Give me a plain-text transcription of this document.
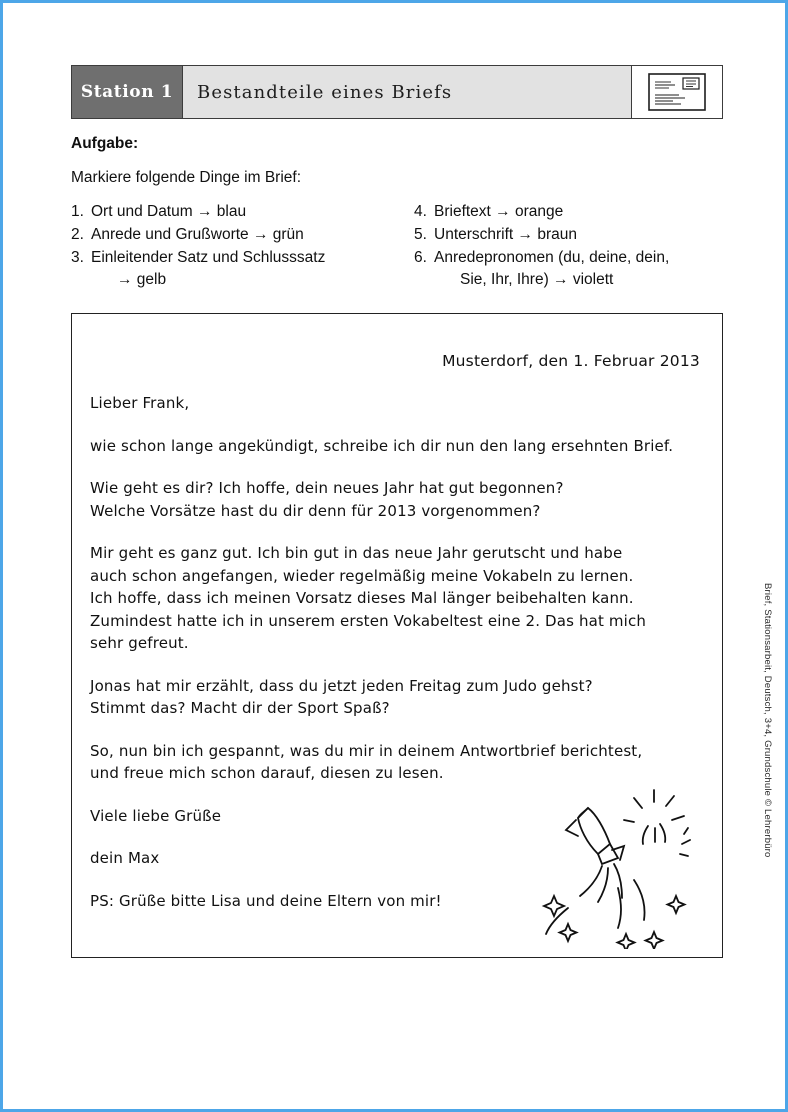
Station 1 Bestandteile eines Briefs
Aufgabe:
Markiere folgende Dinge im Brief:
1. Ort und Datum → blau
2. Anrede und Grußworte → grün
3. Einleitender Satz und Schlusssatz
→ gelb
4. Brieftext → orange
5. Unterschrift → braun
6. Anredepronomen (du, deine, dein,
Sie, Ihr, Ihre) → violett
Musterdorf, den 1. Februar 2013

Lieber Frank,

wie schon lange angekündigt, schreibe ich dir nun den lang ersehnten Brief.

Wie geht es dir? Ich hoffe, dein neues Jahr hat gut begonnen?
Welche Vorsätze hast du dir denn für 2013 vorgenommen?

Mir geht es ganz gut. Ich bin gut in das neue Jahr gerutscht und habe
auch schon angefangen, wieder regelmäßig meine Vokabeln zu lernen.
Ich hoffe, dass ich meinen Vorsatz dieses Mal länger beibehalten kann.
Zumindest hatte ich in unserem ersten Vokabeltest eine 2. Das hat mich
sehr gefreut.

Jonas hat mir erzählt, dass du jetzt jeden Freitag zum Judo gehst?
Stimmt das? Macht dir der Sport Spaß?

So, nun bin ich gespannt, was du mir in deinem Antwortbrief berichtest,
und freue mich schon darauf, diesen zu lesen.

Viele liebe Grüße

dein Max

PS: Grüße bitte Lisa und deine Eltern von mir!

Brief, Stationsarbeit, Deutsch, 3+4, Grundschule © Lehrerbüro
